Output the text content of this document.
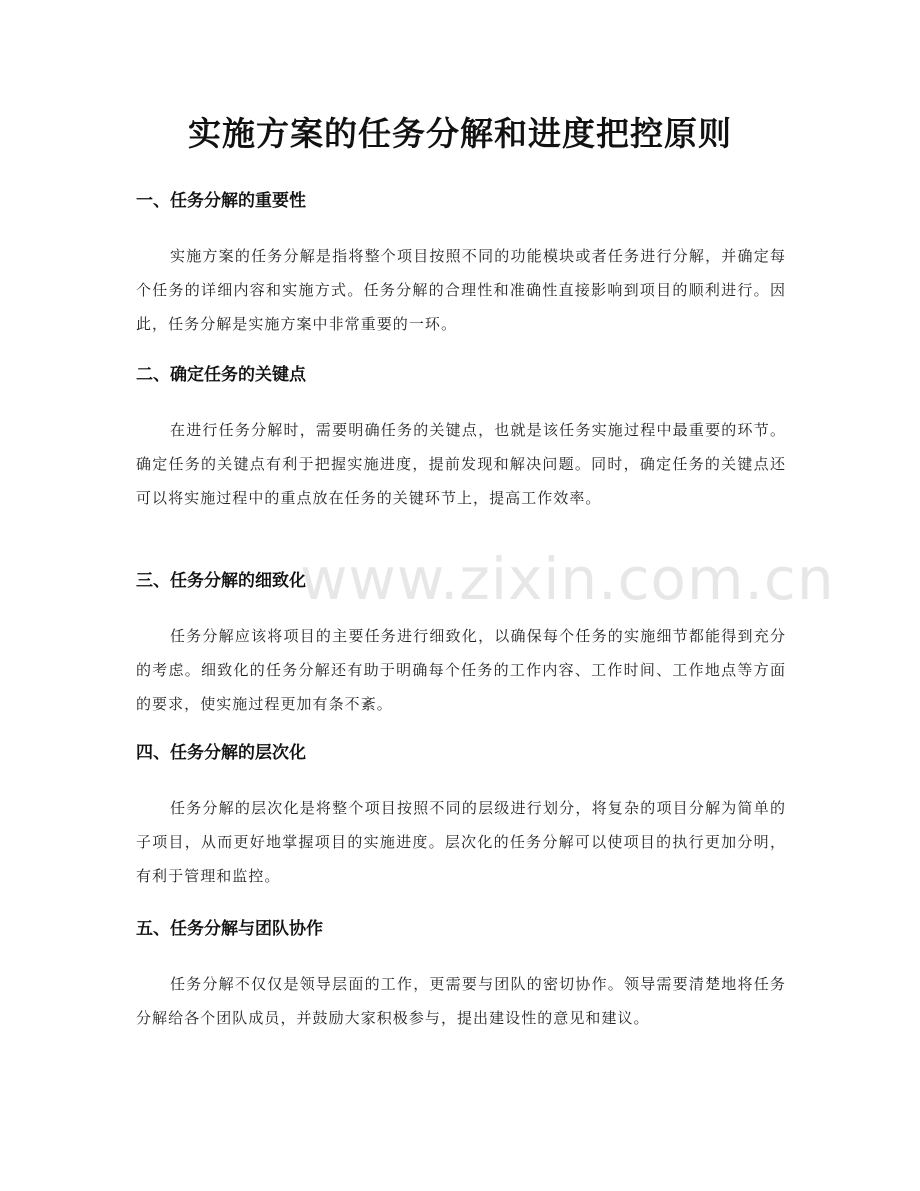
实施方案的任务分解和进度把控原则
一、任务分解的重要性

实施方案的任务分解是指将整个项目按照不同的功能模块或者任务进行分解，并确定每个任务的详细内容和实施方式。任务分解的合理性和准确性直接影响到项目的顺利进行。因此，任务分解是实施方案中非常重要的一环。

二、确定任务的关键点

在进行任务分解时，需要明确任务的关键点，也就是该任务实施过程中最重要的环节。确定任务的关键点有利于把握实施进度，提前发现和解决问题。同时，确定任务的关键点还可以将实施过程中的重点放在任务的关键环节上，提高工作效率。

三、任务分解的细致化

任务分解应该将项目的主要任务进行细致化，以确保每个任务的实施细节都能得到充分的考虑。细致化的任务分解还有助于明确每个任务的工作内容、工作时间、工作地点等方面的要求，使实施过程更加有条不紊。

四、任务分解的层次化

任务分解的层次化是将整个项目按照不同的层级进行划分，将复杂的项目分解为简单的子项目，从而更好地掌握项目的实施进度。层次化的任务分解可以使项目的执行更加分明，有利于管理和监控。

五、任务分解与团队协作

任务分解不仅仅是领导层面的工作，更需要与团队的密切协作。领导需要清楚地将任务分解给各个团队成员，并鼓励大家积极参与，提出建设性的意见和建议。

www.zixin.com.cn
